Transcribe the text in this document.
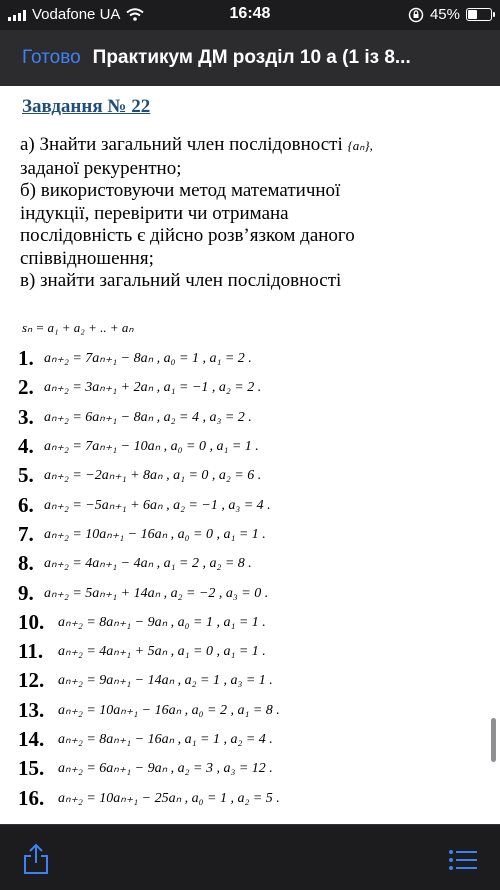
Vodafone UA	16:48	45%
Готово Практикум ДМ розділ 10 а (1 із 8...
Завдання № 22

а) Знайти загальний член послідовності {aₙ},

заданої рекурентно;

б) використовуючи метод математичної

індукції, перевірити чи отримана

послідовність є дійсно розв’язком даного

співвідношення;

в) знайти загальний член послідовності

sₙ = a₁ + a₂ + .. + aₙ
1. aₙ₊₂ = 7aₙ₊₁ − 8aₙ , a₀ = 1 , a₁ = 2 .
2. aₙ₊₂ = 3aₙ₊₁ + 2aₙ , a₁ = −1 , a₂ = 2 .
3. aₙ₊₂ = 6aₙ₊₁ − 8aₙ , a₂ = 4 , a₃ = 2 .
4. aₙ₊₂ = 7aₙ₊₁ − 10aₙ , a₀ = 0 , a₁ = 1 .
5. aₙ₊₂ = −2aₙ₊₁ + 8aₙ , a₁ = 0 , a₂ = 6 .
6. aₙ₊₂ = −5aₙ₊₁ + 6aₙ , a₂ = −1 , a₃ = 4 .
7. aₙ₊₂ = 10aₙ₊₁ − 16aₙ , a₀ = 0 , a₁ = 1 .
8. aₙ₊₂ = 4aₙ₊₁ − 4aₙ , a₁ = 2 , a₂ = 8 .
9. aₙ₊₂ = 5aₙ₊₁ + 14aₙ , a₂ = −2 , a₃ = 0 .
10. aₙ₊₂ = 8aₙ₊₁ − 9aₙ , a₀ = 1 , a₁ = 1 .
11.	aₙ₊₂ = 4aₙ₊₁ + 5aₙ , a₁ = 0 , a₁ = 1 .
12. aₙ₊₂ = 9aₙ₊₁ − 14aₙ , a₂ = 1 , a₃ = 1 .
13. aₙ₊₂ = 10aₙ₊₁ − 16aₙ , a₀ = 2 , a₁ = 8 .
14. aₙ₊₂ = 8aₙ₊₁ − 16aₙ , a₁ = 1 , a₂ = 4 .
15. aₙ₊₂ = 6aₙ₊₁ − 9aₙ , a₂ = 3 , a₃ = 12 .
16. aₙ₊₂ = 10aₙ₊₁ − 25aₙ , a₀ = 1 , a₂ = 5 .
